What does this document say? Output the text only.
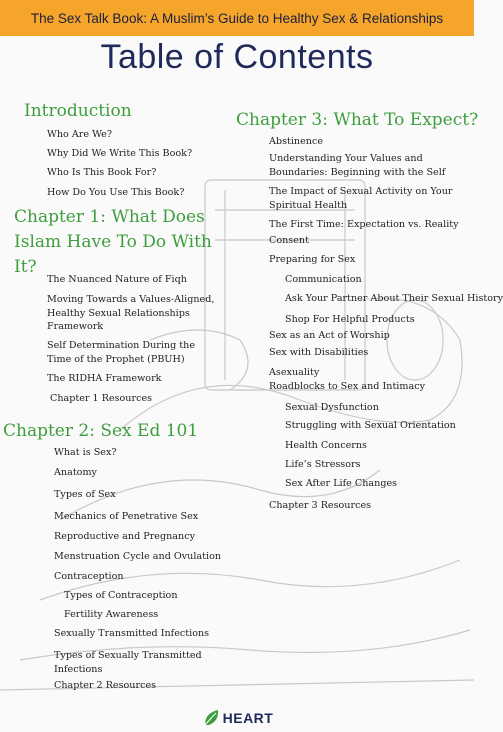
The Sex Talk Book: A Muslim’s Guide to Healthy Sex & Relationships
Table of Contents
Introduction
Who Are We?
Why Did We Write This Book?
Who Is This Book For?
How Do You Use This Book?
Chapter 1: What Does
Islam Have To Do With
It?
The Nuanced Nature of Fiqh
Moving Towards a Values-Aligned, Healthy Sexual Relationships Framework
Self Determination During the Time of the Prophet (PBUH)
The RIDHA Framework
Chapter 1 Resources
Chapter 2: Sex Ed 101
What is Sex?
Anatomy
Types of Sex
Mechanics of Penetrative Sex
Reproductive and Pregnancy
Menstruation Cycle and Ovulation
Contraception
Types of Contraception
Fertility Awareness
Sexually Transmitted Infections
Types of Sexually Transmitted Infections
Chapter 2 Resources
Chapter 3: What To Expect?
Abstinence
Understanding Your Values and Boundaries: Beginning with the Self
The Impact of Sexual Activity on Your Spiritual Health
The First Time: Expectation vs. Reality
Consent
Preparing for Sex
Communication
Ask Your Partner About Their Sexual History
Shop For Helpful Products
Sex as an Act of Worship
Sex with Disabilities
Asexuality
Roadblocks to Sex and Intimacy
Sexual Dysfunction
Struggling with Sexual Orientation
Health Concerns
Life’s Stressors
Sex After Life Changes
Chapter 3 Resources
HEART
